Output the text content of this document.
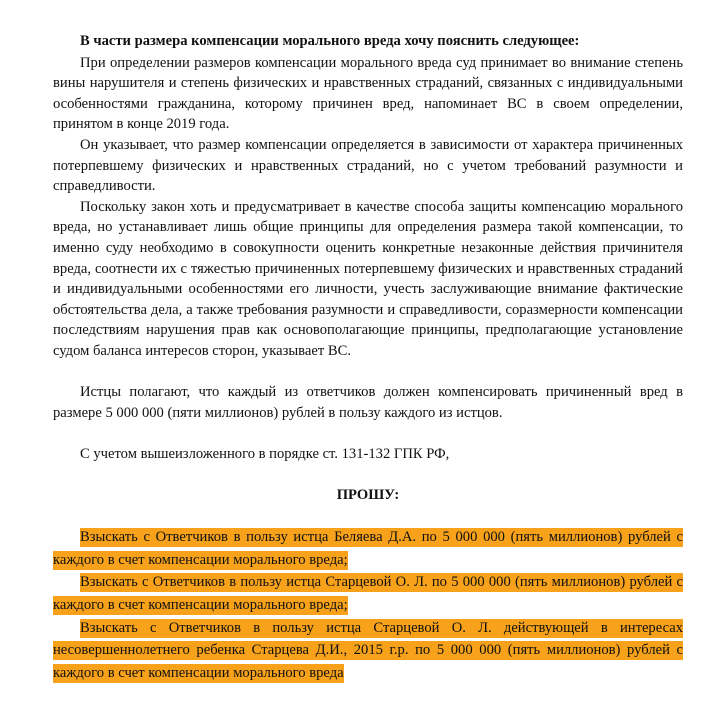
В части размера компенсации морального вреда хочу пояснить следующее:

При определении размеров компенсации морального вреда суд принимает во внимание степень вины нарушителя и степень физических и нравственных страданий, связанных с индивидуальными особенностями гражданина, которому причинен вред, напоминает ВС в своем определении, принятом в конце 2019 года.

Он указывает, что размер компенсации определяется в зависимости от характера причиненных потерпевшему физических и нравственных страданий, но с учетом требований разумности и справедливости.

Поскольку закон хоть и предусматривает в качестве способа защиты компенсацию морального вреда, но устанавливает лишь общие принципы для определения размера такой компенсации, то именно суду необходимо в совокупности оценить конкретные незаконные действия причинителя вреда, соотнести их с тяжестью причиненных потерпевшему физических и нравственных страданий и индивидуальными особенностями его личности, учесть заслуживающие внимание фактические обстоятельства дела, а также требования разумности и справедливости, соразмерности компенсации последствиям нарушения прав как основополагающие принципы, предполагающие установление судом баланса интересов сторон, указывает ВС.

Истцы полагают, что каждый из ответчиков должен компенсировать причиненный вред в размере 5 000 000 (пяти миллионов) рублей в пользу каждого из истцов.

С учетом вышеизложенного в порядке ст. 131-132 ГПК РФ,

ПРОШУ:

Взыскать с Ответчиков в пользу истца Беляева Д.А. по 5 000 000 (пять миллионов) рублей с каждого в счет компенсации морального вреда;

Взыскать с Ответчиков в пользу истца Старцевой О. Л. по 5 000 000 (пять миллионов) рублей с каждого в счет компенсации морального вреда;

Взыскать с Ответчиков в пользу истца Старцевой О. Л. действующей в интересах несовершеннолетнего ребенка Старцева Д.И., 2015 г.р. по 5 000 000 (пять миллионов) рублей с каждого в счет компенсации морального вреда
